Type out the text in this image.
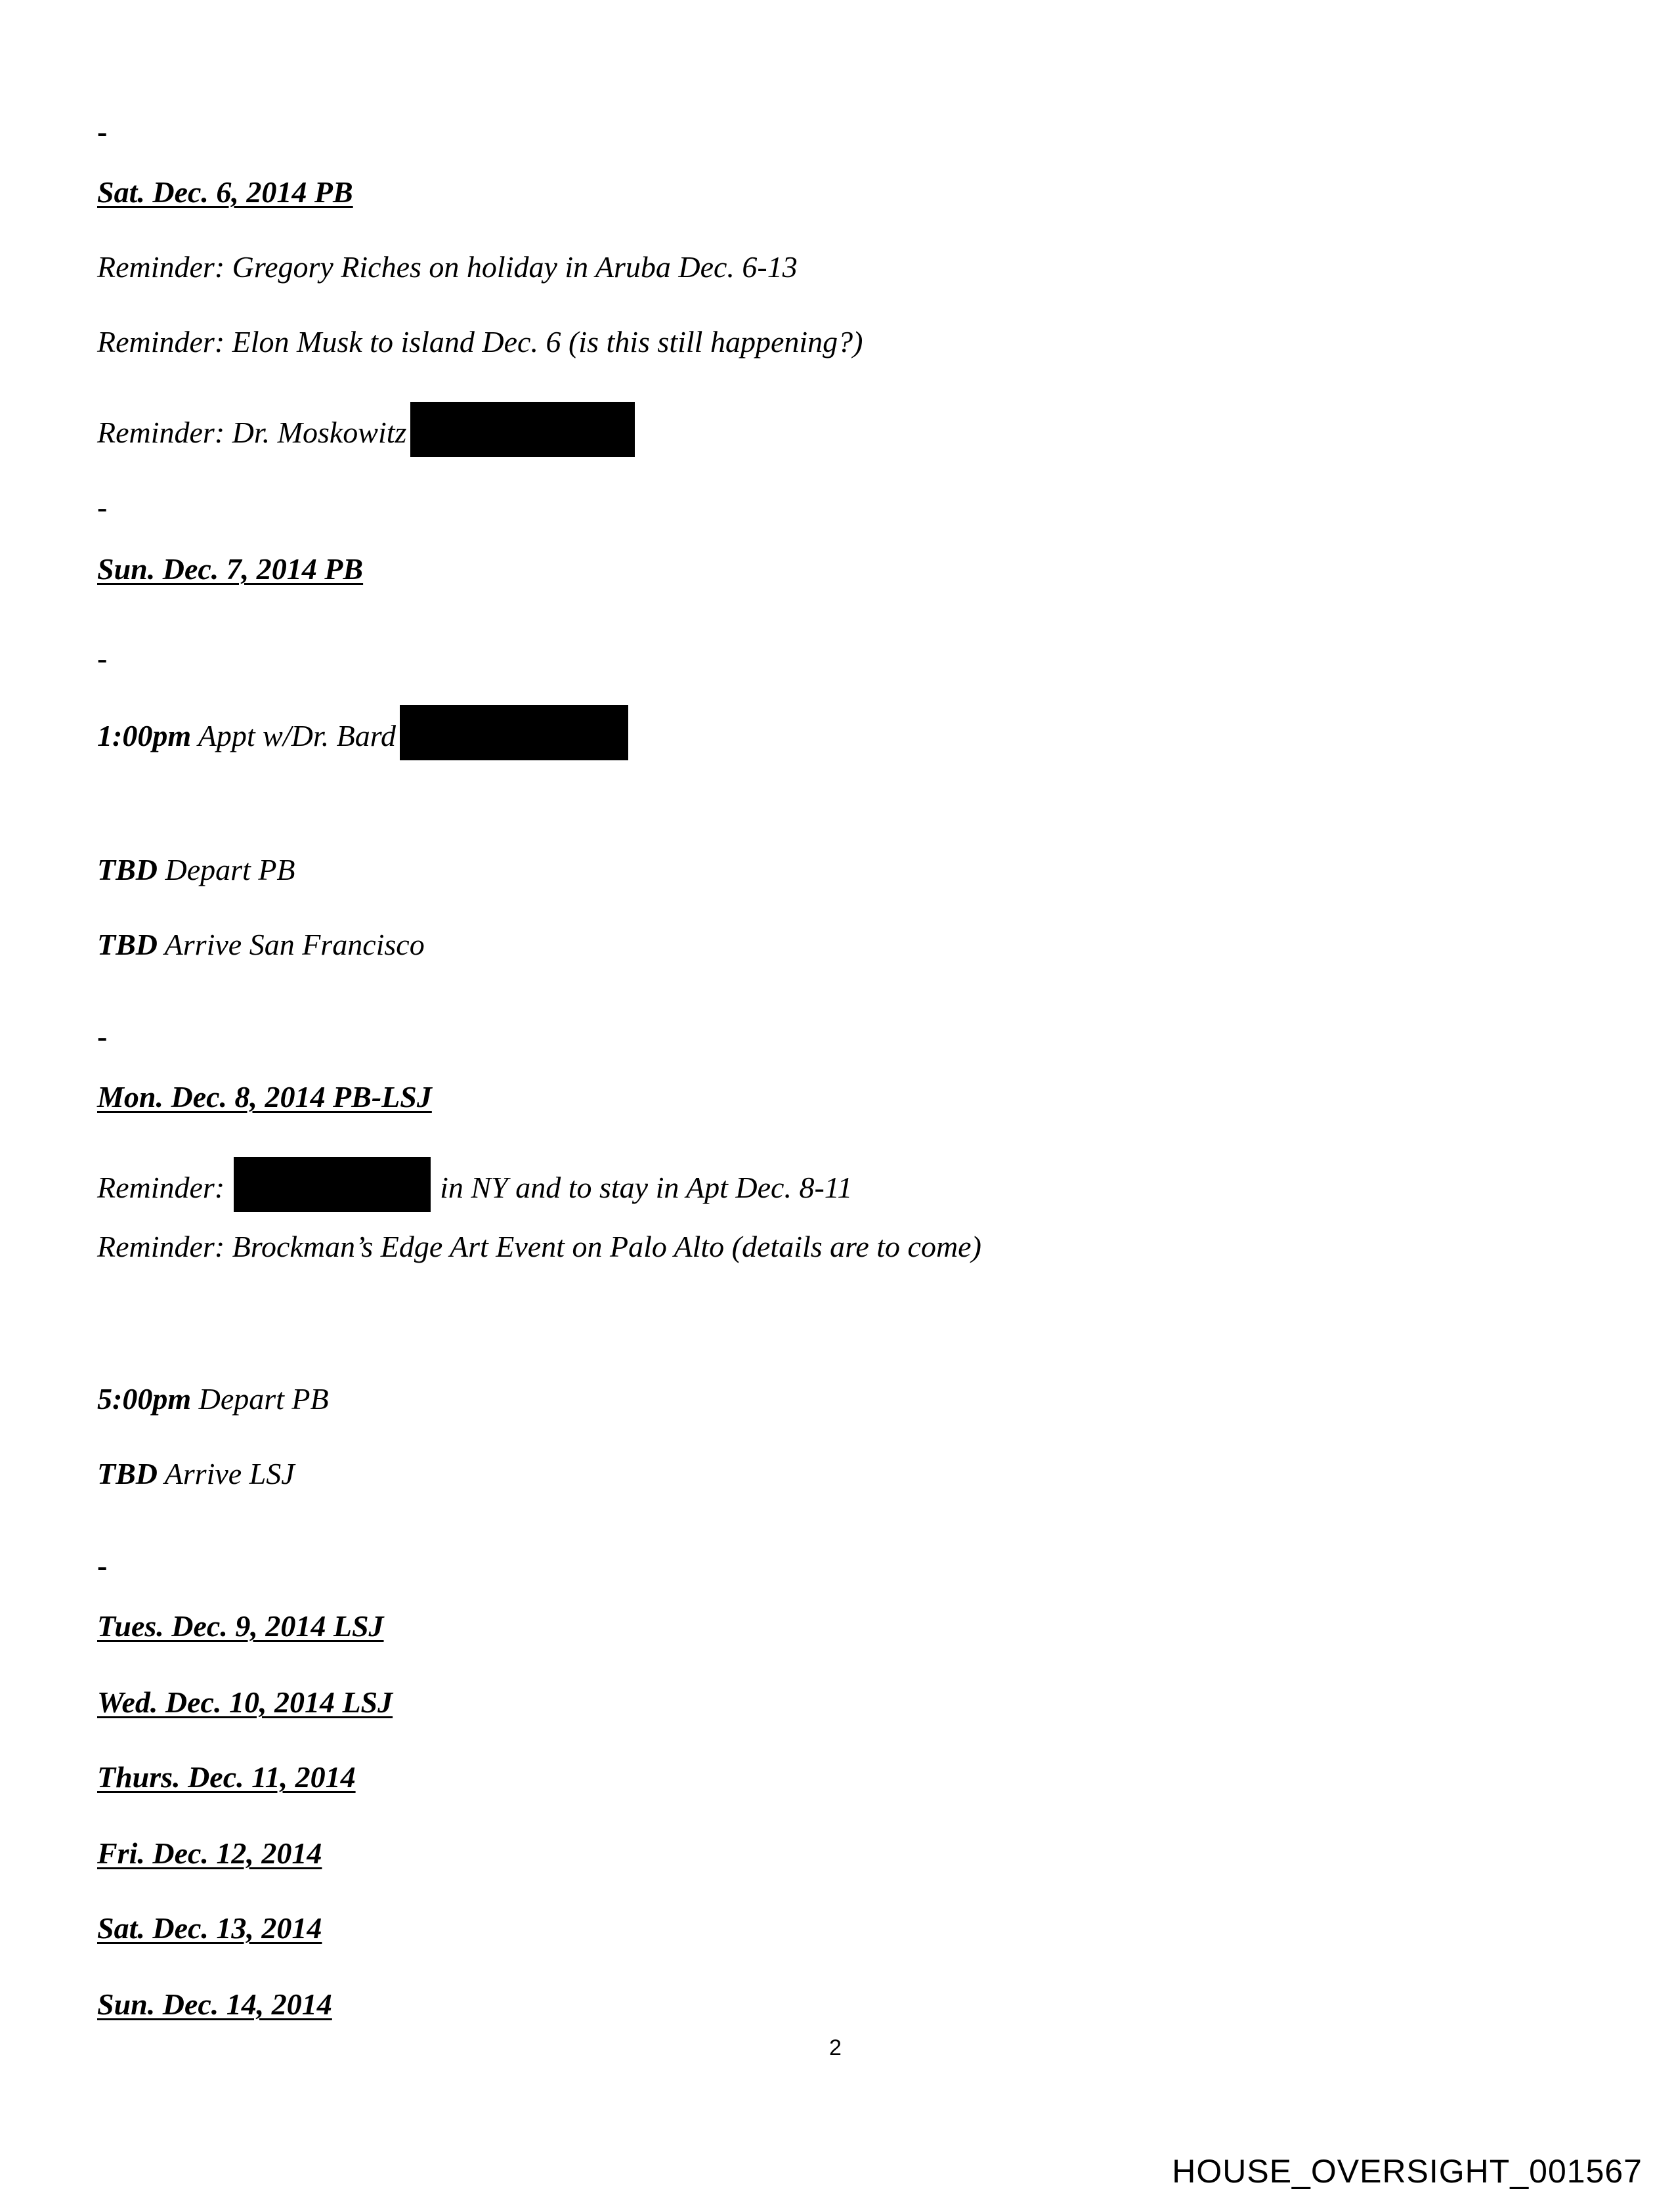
-
Sat. Dec. 6, 2014 PB
Reminder: Gregory Riches on holiday in Aruba Dec. 6-13
Reminder: Elon Musk to island Dec. 6 (is this still happening?)
Reminder: Dr. Moskowitz
-
Sun. Dec. 7, 2014 PB
-
1:00pm Appt w/Dr. Bard
TBD Depart PB
TBD Arrive San Francisco
-
Mon. Dec. 8, 2014 PB-LSJ
Reminder:	in NY and to stay in Apt Dec. 8-11
Reminder: Brockman’s Edge Art Event on Palo Alto (details are to come)
5:00pm Depart PB
TBD Arrive LSJ
-
Tues. Dec. 9, 2014 LSJ
Wed. Dec. 10, 2014 LSJ
Thurs. Dec. 11, 2014
Fri. Dec. 12, 2014
Sat. Dec. 13, 2014
Sun. Dec. 14, 2014
2
HOUSE_OVERSIGHT_001567
